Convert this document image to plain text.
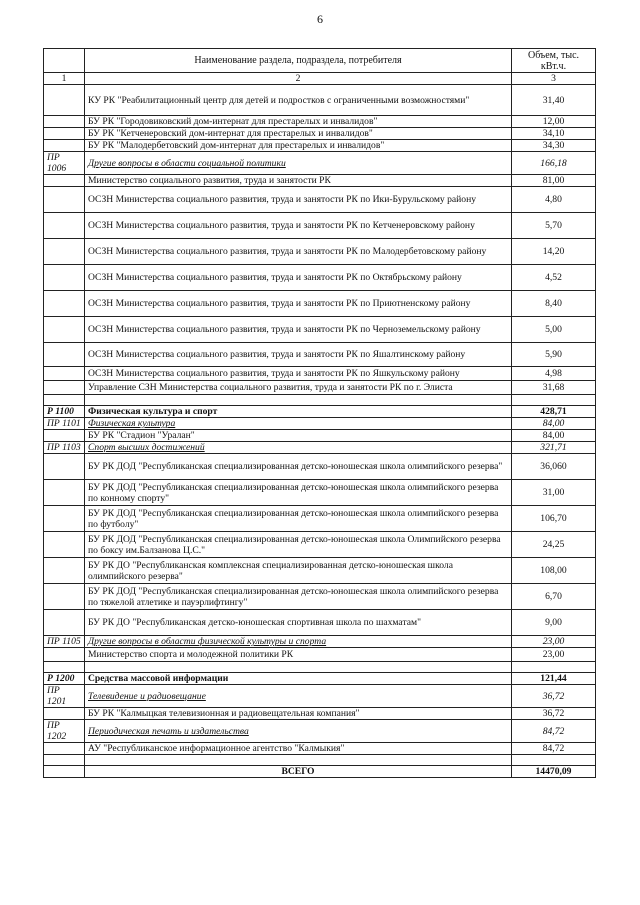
6
	Наименование раздела, подраздела, потребителя	Объем, тыс. кВт.ч.
1	2	3
	КУ РК "Реабилитационный центр для детей и подростков с ограниченными возможностями"	31,40
	БУ РК "Городовиковский дом-интернат для престарелых и инвалидов"	12,00
	БУ РК "Кетченеровский дом-интернат для престарелых и инвалидов"	34,10
	БУ РК "Малодербетовский дом-интернат для престарелых и инвалидов"	34,30
ПР 1006	Другие вопросы в области социальной политики	166,18
	Министерство социального развития, труда и занятости РК	81,00
	ОСЗН Министерства социального развития, труда и занятости РК по Ики-Бурульскому району	4,80
	ОСЗН Министерства социального развития, труда и занятости РК по Кетченеровскому району	5,70
	ОСЗН Министерства социального развития, труда и занятости РК по Малодербетовскому району	14,20
	ОСЗН Министерства социального развития, труда и занятости РК по Октябрьскому району	4,52
	ОСЗН Министерства социального развития, труда и занятости РК по Приютненскому району	8,40
	ОСЗН Министерства социального развития, труда и занятости РК по Черноземельскому району	5,00
	ОСЗН Министерства социального развития, труда и занятости РК по Яшалтинскому району	5,90
	ОСЗН Министерства социального развития, труда и занятости РК по Яшкульскому району	4,98
	Управление СЗН Министерства социального развития, труда и занятости РК по г. Элиста	31,68

Р 1100	Физическая культура и спорт	428,71
ПР 1101	Физическая культура	84,00
	БУ РК "Стадион "Уралан"	84,00
ПР 1103	Спорт высших достижений	321,71
	БУ РК ДОД "Республиканская специализированная детско-юношеская школа олимпийского резерва"	36,060
	БУ РК ДОД "Республиканская специализированная детско-юношеская школа олимпийского резерва по конному спорту"	31,00
	БУ РК ДОД "Республиканская специализированная детско-юношеская школа олимпийского резерва по футболу"	106,70
	БУ РК ДОД "Республиканская специализированная детско-юношеская школа Олимпийского резерва по боксу им.Балзанова Ц.С."	24,25
	БУ РК ДО "Республиканская комплексная специализированная детско-юношеская школа олимпийского резерва"	108,00
	БУ РК ДОД "Республиканская специализированная детско-юношеская школа олимпийского резерва по тяжелой атлетике и пауэрлифтингу"	6,70
	БУ РК ДО "Республиканская детско-юношеская спортивная школа по шахматам"	9,00
ПР 1105	Другие вопросы в области физической культуры и спорта	23,00
	Министерство спорта и молодежной политики РК	23,00

Р 1200	Средства массовой информации	121,44
ПР 1201	Телевидение и радиовещание	36,72
	БУ РК "Калмыцкая телевизионная и радиовещательная компания"	36,72
ПР 1202	Периодическая печать и издательства	84,72
	АУ "Республиканское информационное агентство "Калмыкия"	84,72

	ВСЕГО	14470,09
